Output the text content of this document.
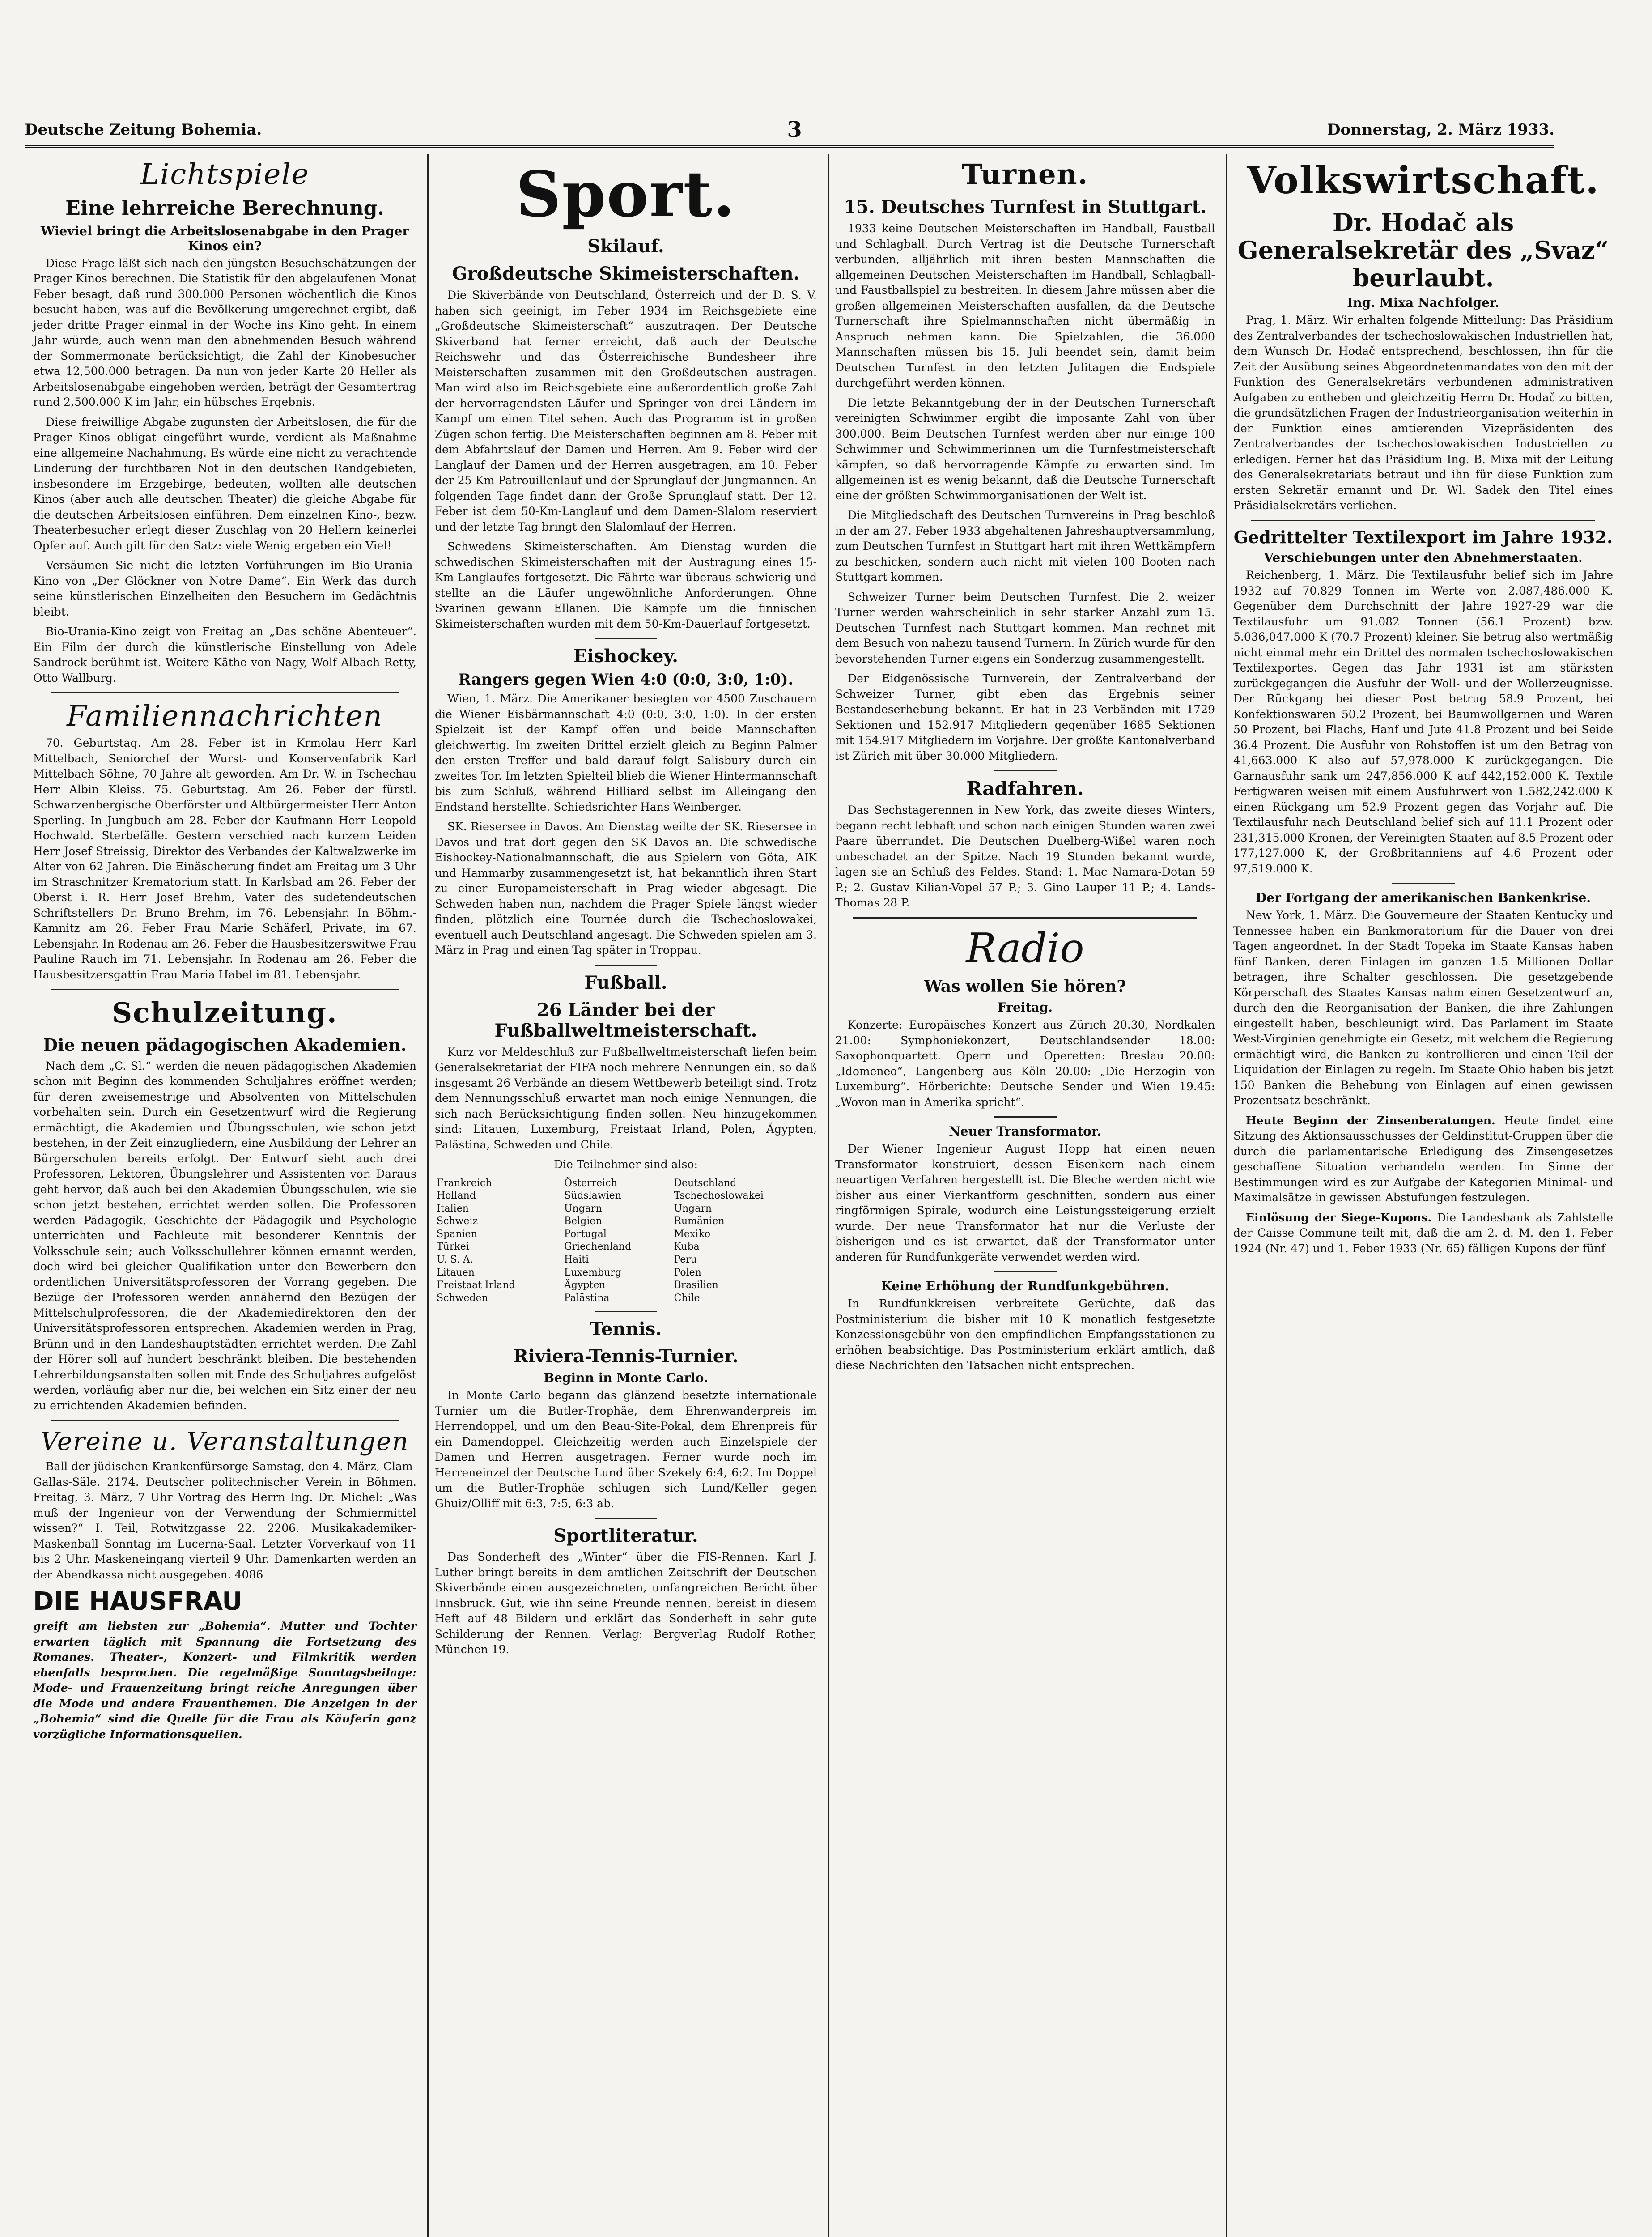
Deutsche Zeitung Bohemia.	3	Donnerstag, 2. März 1933.
Lichtspiele
Eine lehrreiche Berechnung.
Wieviel bringt die Arbeitslosenabgabe in den Prager Kinos ein?

Diese Frage läßt sich nach den jüngsten Besuchschätzungen der Prager Kinos berechnen. Die Statistik für den abgelaufenen Monat Feber besagt, daß rund 300.000 Personen wöchentlich die Kinos besucht haben, was auf die Bevölkerung umgerechnet ergibt, daß jeder dritte Prager einmal in der Woche ins Kino geht. In einem Jahr würde, auch wenn man den abnehmenden Besuch während der Sommermonate berücksichtigt, die Zahl der Kinobesucher etwa 12,500.000 betragen. Da nun von jeder Karte 20 Heller als Arbeitslosenabgabe eingehoben werden, beträgt der Gesamtertrag rund 2,500.000 K im Jahr, ein hübsches Ergebnis.

Diese freiwillige Abgabe zugunsten der Arbeitslosen, die für die Prager Kinos obligat eingeführt wurde, verdient als Maßnahme eine allgemeine Nachahmung. Es würde eine nicht zu verachtende Linderung der furchtbaren Not in den deutschen Randgebieten, insbesondere im Erzgebirge, bedeuten, wollten alle deutschen Kinos (aber auch alle deutschen Theater) die gleiche Abgabe für die deutschen Arbeitslosen einführen. Dem einzelnen Kino-, bezw. Theaterbesucher erlegt dieser Zuschlag von 20 Hellern keinerlei Opfer auf. Auch gilt für den Satz: viele Wenig ergeben ein Viel!

Versäumen Sie nicht die letzten Vorführungen im Bio-Urania-Kino von „Der Glöckner von Notre Dame“. Ein Werk das durch seine künstlerischen Einzelheiten den Besuchern im Gedächtnis bleibt.

Bio-Urania-Kino zeigt von Freitag an „Das schöne Abenteuer“. Ein Film der durch die künstlerische Einstellung von Adele Sandrock berühmt ist. Weitere Käthe von Nagy, Wolf Albach Retty, Otto Wallburg.

Familiennachrichten

70. Geburtstag. Am 28. Feber ist in Krmolau Herr Karl Mittelbach, Seniorchef der Wurst- und Konservenfabrik Karl Mittelbach Söhne, 70 Jahre alt geworden. Am Dr. W. in Tschechau Herr Albin Kleiss. 75. Geburtstag. Am 26. Feber der fürstl. Schwarzenbergische Oberförster und Altbürgermeister Herr Anton Sperling. In Jungbuch am 28. Feber der Kaufmann Herr Leopold Hochwald. Sterbefälle. Gestern verschied nach kurzem Leiden Herr Josef Streissig, Direktor des Verbandes der Kaltwalzwerke im Alter von 62 Jahren. Die Einäscherung findet am Freitag um 3 Uhr im Straschnitzer Krematorium statt. In Karlsbad am 26. Feber der Oberst i. R. Herr Josef Brehm, Vater des sudetendeutschen Schriftstellers Dr. Bruno Brehm, im 76. Lebensjahr. In Böhm.-Kamnitz am 26. Feber Frau Marie Schäferl, Private, im 67. Lebensjahr. In Rodenau am 26. Feber die Hausbesitzerswitwe Frau Pauline Rauch im 71. Lebensjahr. In Rodenau am 26. Feber die Hausbesitzersgattin Frau Maria Habel im 81. Lebensjahr.

Schulzeitung.
Die neuen pädagogischen Akademien.

Nach dem „C. Sl.“ werden die neuen pädagogischen Akademien schon mit Beginn des kommenden Schuljahres eröffnet werden; für deren zweisemestrige und Absolventen von Mittelschulen vorbehalten sein. Durch ein Gesetzentwurf wird die Regierung ermächtigt, die Akademien und Übungsschulen, wie schon jetzt bestehen, in der Zeit einzugliedern, eine Ausbildung der Lehrer an Bürgerschulen bereits erfolgt. Der Entwurf sieht auch drei Professoren, Lektoren, Übungslehrer und Assistenten vor. Daraus geht hervor, daß auch bei den Akademien Übungsschulen, wie sie schon jetzt bestehen, errichtet werden sollen. Die Professoren werden Pädagogik, Geschichte der Pädagogik und Psychologie unterrichten und Fachleute mit besonderer Kenntnis der Volksschule sein; auch Volksschullehrer können ernannt werden, doch wird bei gleicher Qualifikation unter den Bewerbern den ordentlichen Universitätsprofessoren der Vorrang gegeben. Die Bezüge der Professoren werden annähernd den Bezügen der Mittelschulprofessoren, die der Akademiedirektoren den der Universitätsprofessoren entsprechen. Akademien werden in Prag, Brünn und in den Landeshauptstädten errichtet werden. Die Zahl der Hörer soll auf hundert beschränkt bleiben. Die bestehenden Lehrerbildungsanstalten sollen mit Ende des Schuljahres aufgelöst werden, vorläufig aber nur die, bei welchen ein Sitz einer der neu zu errichtenden Akademien befinden.

Vereine u. Veranstaltungen

Ball der jüdischen Krankenfürsorge Samstag, den 4. März, Clam-Gallas-Säle. 2174. Deutscher politechnischer Verein in Böhmen. Freitag, 3. März, 7 Uhr Vortrag des Herrn Ing. Dr. Michel: „Was muß der Ingenieur von der Verwendung der Schmiermittel wissen?“ I. Teil, Rotwitzgasse 22. 2206. Musikakademiker-Maskenball Sonntag im Lucerna-Saal. Letzter Vorverkauf von 11 bis 2 Uhr. Maskeneingang vierteil 9 Uhr. Damenkarten werden an der Abendkassa nicht ausgegeben. 4086

DIE HAUSFRAU

greift am liebsten zur „Bohemia“. Mutter und Tochter erwarten täglich mit Spannung die Fortsetzung des Romanes. Theater-, Konzert- und Filmkritik werden ebenfalls besprochen. Die regelmäßige Sonntagsbeilage: Mode- und Frauenzeitung bringt reiche Anregungen über die Mode und andere Frauenthemen. Die Anzeigen in der „Bohemia“ sind die Quelle für die Frau als Käuferin ganz vorzügliche Informationsquellen.

Sport.
Skilauf.
Großdeutsche Skimeisterschaften.

Die Skiverbände von Deutschland, Österreich und der D. S. V. haben sich geeinigt, im Feber 1934 im Reichsgebiete eine „Großdeutsche Skimeisterschaft“ auszutragen. Der Deutsche Skiverband hat ferner erreicht, daß auch der Deutsche Reichswehr und das Österreichische Bundesheer ihre Meisterschaften zusammen mit den Großdeutschen austragen. Man wird also im Reichsgebiete eine außerordentlich große Zahl der hervorragendsten Läufer und Springer von drei Ländern im Kampf um einen Titel sehen. Auch das Programm ist in großen Zügen schon fertig. Die Meisterschaften beginnen am 8. Feber mit dem Abfahrtslauf der Damen und Herren. Am 9. Feber wird der Langlauf der Damen und der Herren ausgetragen, am 10. Feber der 25-Km-Patrouillenlauf und der Sprunglauf der Jungmannen. An folgenden Tage findet dann der Große Sprunglauf statt. Der 12. Feber ist dem 50-Km-Langlauf und dem Damen-Slalom reserviert und der letzte Tag bringt den Slalomlauf der Herren.

Schwedens Skimeisterschaften. Am Dienstag wurden die schwedischen Skimeisterschaften mit der Austragung eines 15-Km-Langlaufes fortgesetzt. Die Fährte war überaus schwierig und stellte an die Läufer ungewöhnliche Anforderungen. Ohne Svarinen gewann Ellanen. Die Kämpfe um die finnischen Skimeisterschaften wurden mit dem 50-Km-Dauerlauf fortgesetzt.

Eishockey.
Rangers gegen Wien 4:0 (0:0, 3:0, 1:0).

Wien, 1. März. Die Amerikaner besiegten vor 4500 Zuschauern die Wiener Eisbärmannschaft 4:0 (0:0, 3:0, 1:0). In der ersten Spielzeit ist der Kampf offen und beide Mannschaften gleichwertig. Im zweiten Drittel erzielt gleich zu Beginn Palmer den ersten Treffer und bald darauf folgt Salisbury durch ein zweites Tor. Im letzten Spielteil blieb die Wiener Hintermannschaft bis zum Schluß, während Hilliard selbst im Alleingang den Endstand herstellte. Schiedsrichter Hans Weinberger.

SK. Riesersee in Davos. Am Dienstag weilte der SK. Riesersee in Davos und trat dort gegen den SK Davos an. Die schwedische Eishockey-Nationalmannschaft, die aus Spielern von Göta, AIK und Hammarby zusammengesetzt ist, hat bekanntlich ihren Start zu einer Europameisterschaft in Prag wieder abgesagt. Die Schweden haben nun, nachdem die Prager Spiele längst wieder finden, plötzlich eine Tournée durch die Tschechoslowakei, eventuell auch Deutschland angesagt. Die Schweden spielen am 3. März in Prag und einen Tag später in Troppau.

Fußball.
26 Länder bei der Fußballweltmeisterschaft.

Kurz vor Meldeschluß zur Fußballweltmeisterschaft liefen beim Generalsekretariat der FIFA noch mehrere Nennungen ein, so daß insgesamt 26 Verbände an diesem Wettbewerb beteiligt sind. Trotz dem Nennungsschluß erwartet man noch einige Nennungen, die sich nach Berücksichtigung finden sollen. Neu hinzugekommen sind: Litauen, Luxemburg, Freistaat Irland, Polen, Ägypten, Palästina, Schweden und Chile.

Die Teilnehmer sind also:

Frankreich	Österreich	Deutschland
Holland	Südslawien	Tschechoslowakei
Italien	Ungarn	Ungarn
Schweiz	Belgien	Rumänien
Spanien	Portugal	Mexiko
Türkei	Griechenland	Kuba
U. S. A.	Haiti	Peru
Litauen	Luxemburg	Polen
Freistaat Irland	Ägypten	Brasilien
Schweden	Palästina	Chile
Tennis.
Riviera-Tennis-Turnier.
Beginn in Monte Carlo.

In Monte Carlo begann das glänzend besetzte internationale Turnier um die Butler-Trophäe, dem Ehrenwanderpreis im Herrendoppel, und um den Beau-Site-Pokal, dem Ehrenpreis für ein Damendoppel. Gleichzeitig werden auch Einzelspiele der Damen und Herren ausgetragen. Ferner wurde noch im Herreneinzel der Deutsche Lund über Szekely 6:4, 6:2. Im Doppel um die Butler-Trophäe schlugen sich Lund/Keller gegen Ghuiz/Olliff mit 6:3, 7:5, 6:3 ab.

Sportliteratur.

Das Sonderheft des „Winter“ über die FIS-Rennen. Karl J. Luther bringt bereits in dem amtlichen Zeitschrift der Deutschen Skiverbände einen ausgezeichneten, umfangreichen Bericht über Innsbruck. Gut, wie ihn seine Freunde nennen, bereist in diesem Heft auf 48 Bildern und erklärt das Sonderheft in sehr gute Schilderung der Rennen. Verlag: Bergverlag Rudolf Rother, München 19.

Turnen.
15. Deutsches Turnfest in Stuttgart.

1933 keine Deutschen Meisterschaften im Handball, Faustball und Schlagball. Durch Vertrag ist die Deutsche Turnerschaft verbunden, alljährlich mit ihren besten Mannschaften die allgemeinen Deutschen Meisterschaften im Handball, Schlagball- und Faustballspiel zu bestreiten. In diesem Jahre müssen aber die großen allgemeinen Meisterschaften ausfallen, da die Deutsche Turnerschaft ihre Spielmannschaften nicht übermäßig in Anspruch nehmen kann. Die Spielzahlen, die 36.000 Mannschaften müssen bis 15. Juli beendet sein, damit beim Deutschen Turnfest in den letzten Julitagen die Endspiele durchgeführt werden können.

Die letzte Bekanntgebung der in der Deutschen Turnerschaft vereinigten Schwimmer ergibt die imposante Zahl von über 300.000. Beim Deutschen Turnfest werden aber nur einige 100 Schwimmer und Schwimmerinnen um die Turnfestmeisterschaft kämpfen, so daß hervorragende Kämpfe zu erwarten sind. Im allgemeinen ist es wenig bekannt, daß die Deutsche Turnerschaft eine der größten Schwimmorganisationen der Welt ist.

Die Mitgliedschaft des Deutschen Turnvereins in Prag beschloß in der am 27. Feber 1933 abgehaltenen Jahreshauptversammlung, zum Deutschen Turnfest in Stuttgart hart mit ihren Wettkämpfern zu beschicken, sondern auch nicht mit vielen 100 Booten nach Stuttgart kommen.

Schweizer Turner beim Deutschen Turnfest. Die 2. weizer Turner werden wahrscheinlich in sehr starker Anzahl zum 15. Deutschen Turnfest nach Stuttgart kommen. Man rechnet mit dem Besuch von nahezu tausend Turnern. In Zürich wurde für den bevorstehenden Turner eigens ein Sonderzug zusammengestellt.

Der Eidgenössische Turnverein, der Zentralverband der Schweizer Turner, gibt eben das Ergebnis seiner Bestandeserhebung bekannt. Er hat in 23 Verbänden mit 1729 Sektionen und 152.917 Mitgliedern gegenüber 1685 Sektionen mit 154.917 Mitgliedern im Vorjahre. Der größte Kantonalverband ist Zürich mit über 30.000 Mitgliedern.

Radfahren.

Das Sechstagerennen in New York, das zweite dieses Winters, begann recht lebhaft und schon nach einigen Stunden waren zwei Paare überrundet. Die Deutschen Duelberg-Wißel waren noch unbeschadet an der Spitze. Nach 19 Stunden bekannt wurde, lagen sie an Schluß des Feldes. Stand: 1. Mac Namara-Dotan 59 P.; 2. Gustav Kilian-Vopel 57 P.; 3. Gino Lauper 11 P.; 4. Lands-Thomas 28 P.

Radio
Was wollen Sie hören?
Freitag.

Konzerte: Europäisches Konzert aus Zürich 20.30, Nordkalen 21.00: Symphoniekonzert, Deutschlandsender 18.00: Saxophonquartett. Opern und Operetten: Breslau 20.00: „Idomeneo“, Langenberg aus Köln 20.00: „Die Herzogin von Luxemburg“. Hörberichte: Deutsche Sender und Wien 19.45: „Wovon man in Amerika spricht“.

Neuer Transformator.

Der Wiener Ingenieur August Hopp hat einen neuen Transformator konstruiert, dessen Eisenkern nach einem neuartigen Verfahren hergestellt ist. Die Bleche werden nicht wie bisher aus einer Vierkantform geschnitten, sondern aus einer ringförmigen Spirale, wodurch eine Leistungssteigerung erzielt wurde. Der neue Transformator hat nur die Verluste der bisherigen und es ist erwartet, daß der Transformator unter anderen für Rundfunkgeräte verwendet werden wird.

Keine Erhöhung der Rundfunkgebühren.

In Rundfunkkreisen verbreitete Gerüchte, daß das Postministerium die bisher mit 10 K monatlich festgesetzte Konzessionsgebühr von den empfindlichen Empfangsstationen zu erhöhen beabsichtige. Das Postministerium erklärt amtlich, daß diese Nachrichten den Tatsachen nicht entsprechen.

Volkswirtschaft.
Dr. Hodač als Generalsekretär des „Svaz“ beurlaubt.
Ing. Mixa Nachfolger.

Prag, 1. März. Wir erhalten folgende Mitteilung: Das Präsidium des Zentralverbandes der tschechoslowakischen Industriellen hat, dem Wunsch Dr. Hodač entsprechend, beschlossen, ihn für die Zeit der Ausübung seines Abgeordnetenmandates von den mit der Funktion des Generalsekretärs verbundenen administrativen Aufgaben zu entheben und gleichzeitig Herrn Dr. Hodač zu bitten, die grundsätzlichen Fragen der Industrieorganisation weiterhin in der Funktion eines amtierenden Vizepräsidenten des Zentralverbandes der tschechoslowakischen Industriellen zu erledigen. Ferner hat das Präsidium Ing. B. Mixa mit der Leitung des Generalsekretariats betraut und ihn für diese Funktion zum ersten Sekretär ernannt und Dr. Wl. Sadek den Titel eines Präsidialsekretärs verliehen.

Gedrittelter Textilexport im Jahre 1932.
Verschiebungen unter den Abnehmerstaaten.

Reichenberg, 1. März. Die Textilausfuhr belief sich im Jahre 1932 auf 70.829 Tonnen im Werte von 2.087,486.000 K. Gegenüber dem Durchschnitt der Jahre 1927-29 war die Textilausfuhr um 91.082 Tonnen (56.1 Prozent) bzw. 5.036,047.000 K (70.7 Prozent) kleiner. Sie betrug also wertmäßig nicht einmal mehr ein Drittel des normalen tschechoslowakischen Textilexportes. Gegen das Jahr 1931 ist am stärksten zurückgegangen die Ausfuhr der Woll- und der Wollerzeugnisse. Der Rückgang bei dieser Post betrug 58.9 Prozent, bei Konfektionswaren 50.2 Prozent, bei Baumwollgarnen und Waren 50 Prozent, bei Flachs, Hanf und Jute 41.8 Prozent und bei Seide 36.4 Prozent. Die Ausfuhr von Rohstoffen ist um den Betrag von 41,663.000 K also auf 57,978.000 K zurückgegangen. Die Garnausfuhr sank um 247,856.000 K auf 442,152.000 K. Textile Fertigwaren weisen mit einem Ausfuhrwert von 1.582,242.000 K einen Rückgang um 52.9 Prozent gegen das Vorjahr auf. Die Textilausfuhr nach Deutschland belief sich auf 11.1 Prozent oder 231,315.000 Kronen, der Vereinigten Staaten auf 8.5 Prozent oder 177,127.000 K, der Großbritanniens auf 4.6 Prozent oder 97,519.000 K.

Der Fortgang der amerikanischen Bankenkrise.

New York, 1. März. Die Gouverneure der Staaten Kentucky und Tennessee haben ein Bankmoratorium für die Dauer von drei Tagen angeordnet. In der Stadt Topeka im Staate Kansas haben fünf Banken, deren Einlagen im ganzen 1.5 Millionen Dollar betragen, ihre Schalter geschlossen. Die gesetzgebende Körperschaft des Staates Kansas nahm einen Gesetzentwurf an, durch den die Reorganisation der Banken, die ihre Zahlungen eingestellt haben, beschleunigt wird. Das Parlament im Staate West-Virginien genehmigte ein Gesetz, mit welchem die Regierung ermächtigt wird, die Banken zu kontrollieren und einen Teil der Liquidation der Einlagen zu regeln. Im Staate Ohio haben bis jetzt 150 Banken die Behebung von Einlagen auf einen gewissen Prozentsatz beschränkt.

Heute Beginn der Zinsenberatungen. Heute findet eine Sitzung des Aktionsausschusses der Geldinstitut-Gruppen über die durch die parlamentarische Erledigung des Zinsengesetzes geschaffene Situation verhandeln werden. Im Sinne der Bestimmungen wird es zur Aufgabe der Kategorien Minimal- und Maximalsätze in gewissen Abstufungen festzulegen.

Einlösung der Siege-Kupons. Die Landesbank als Zahlstelle der Caisse Commune teilt mit, daß die am 2. d. M. den 1. Feber 1924 (Nr. 47) und 1. Feber 1933 (Nr. 65) fälligen Kupons der fünf
